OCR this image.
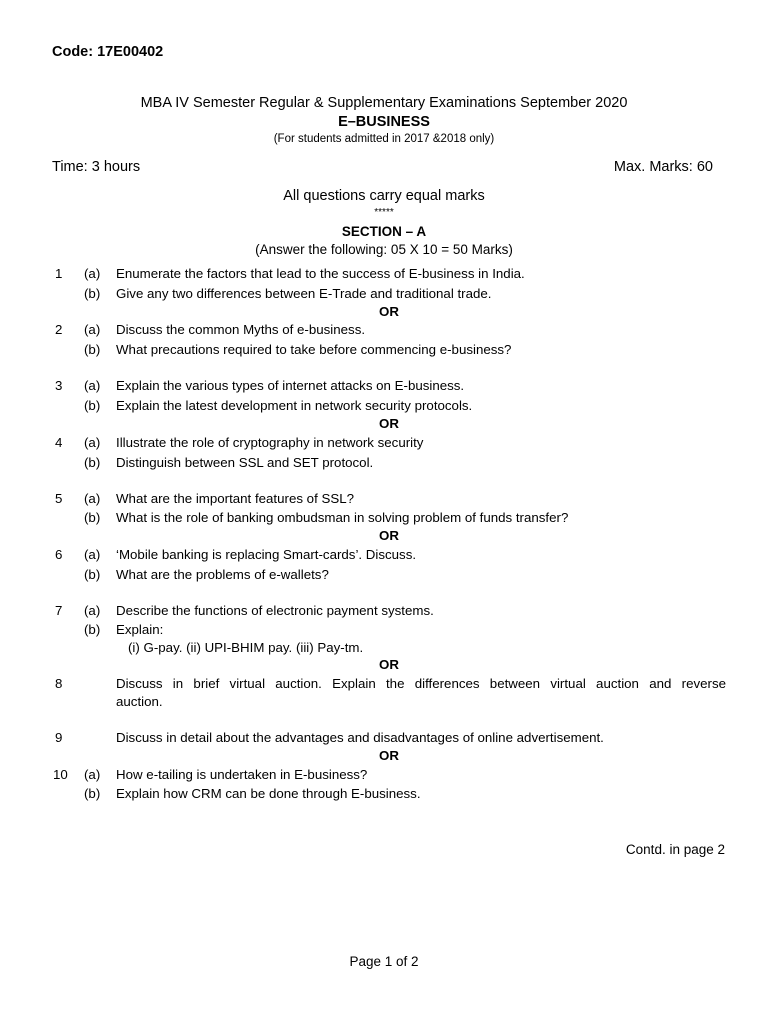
Code: 17E00402
MBA IV Semester Regular & Supplementary Examinations September 2020
E–BUSINESS
(For students admitted in 2017 &2018 only)
Time: 3 hours	Max. Marks: 60
All questions carry equal marks
*****
SECTION – A
(Answer the following: 05 X 10 = 50 Marks)
1	(a) Enumerate the factors that lead to the success of E-business in India.
(b) Give any two differences between E-Trade and traditional trade.
OR
2	(a) Discuss the common Myths of e-business.
(b) What precautions required to take before commencing e-business?
3	(a) Explain the various types of internet attacks on E-business.
(b) Explain the latest development in network security protocols.
OR
4	(a) Illustrate the role of cryptography in network security
(b) Distinguish between SSL and SET protocol.
5	(a) What are the important features of SSL?
(b) What is the role of banking ombudsman in solving problem of funds transfer?
OR
6	(a) ‘Mobile banking is replacing Smart-cards’. Discuss.
(b) What are the problems of e-wallets?
7	(a) Describe the functions of electronic payment systems.
(b) Explain:
(i) G-pay. (ii) UPI-BHIM pay. (iii) Pay-tm.
OR
8	Discuss in brief virtual auction. Explain the differences between virtual auction and reverse
auction.
9	Discuss in detail about the advantages and disadvantages of online advertisement.
OR
10	(a) How e-tailing is undertaken in E-business?
(b) Explain how CRM can be done through E-business.
Contd. in page 2
Page 1 of 2
